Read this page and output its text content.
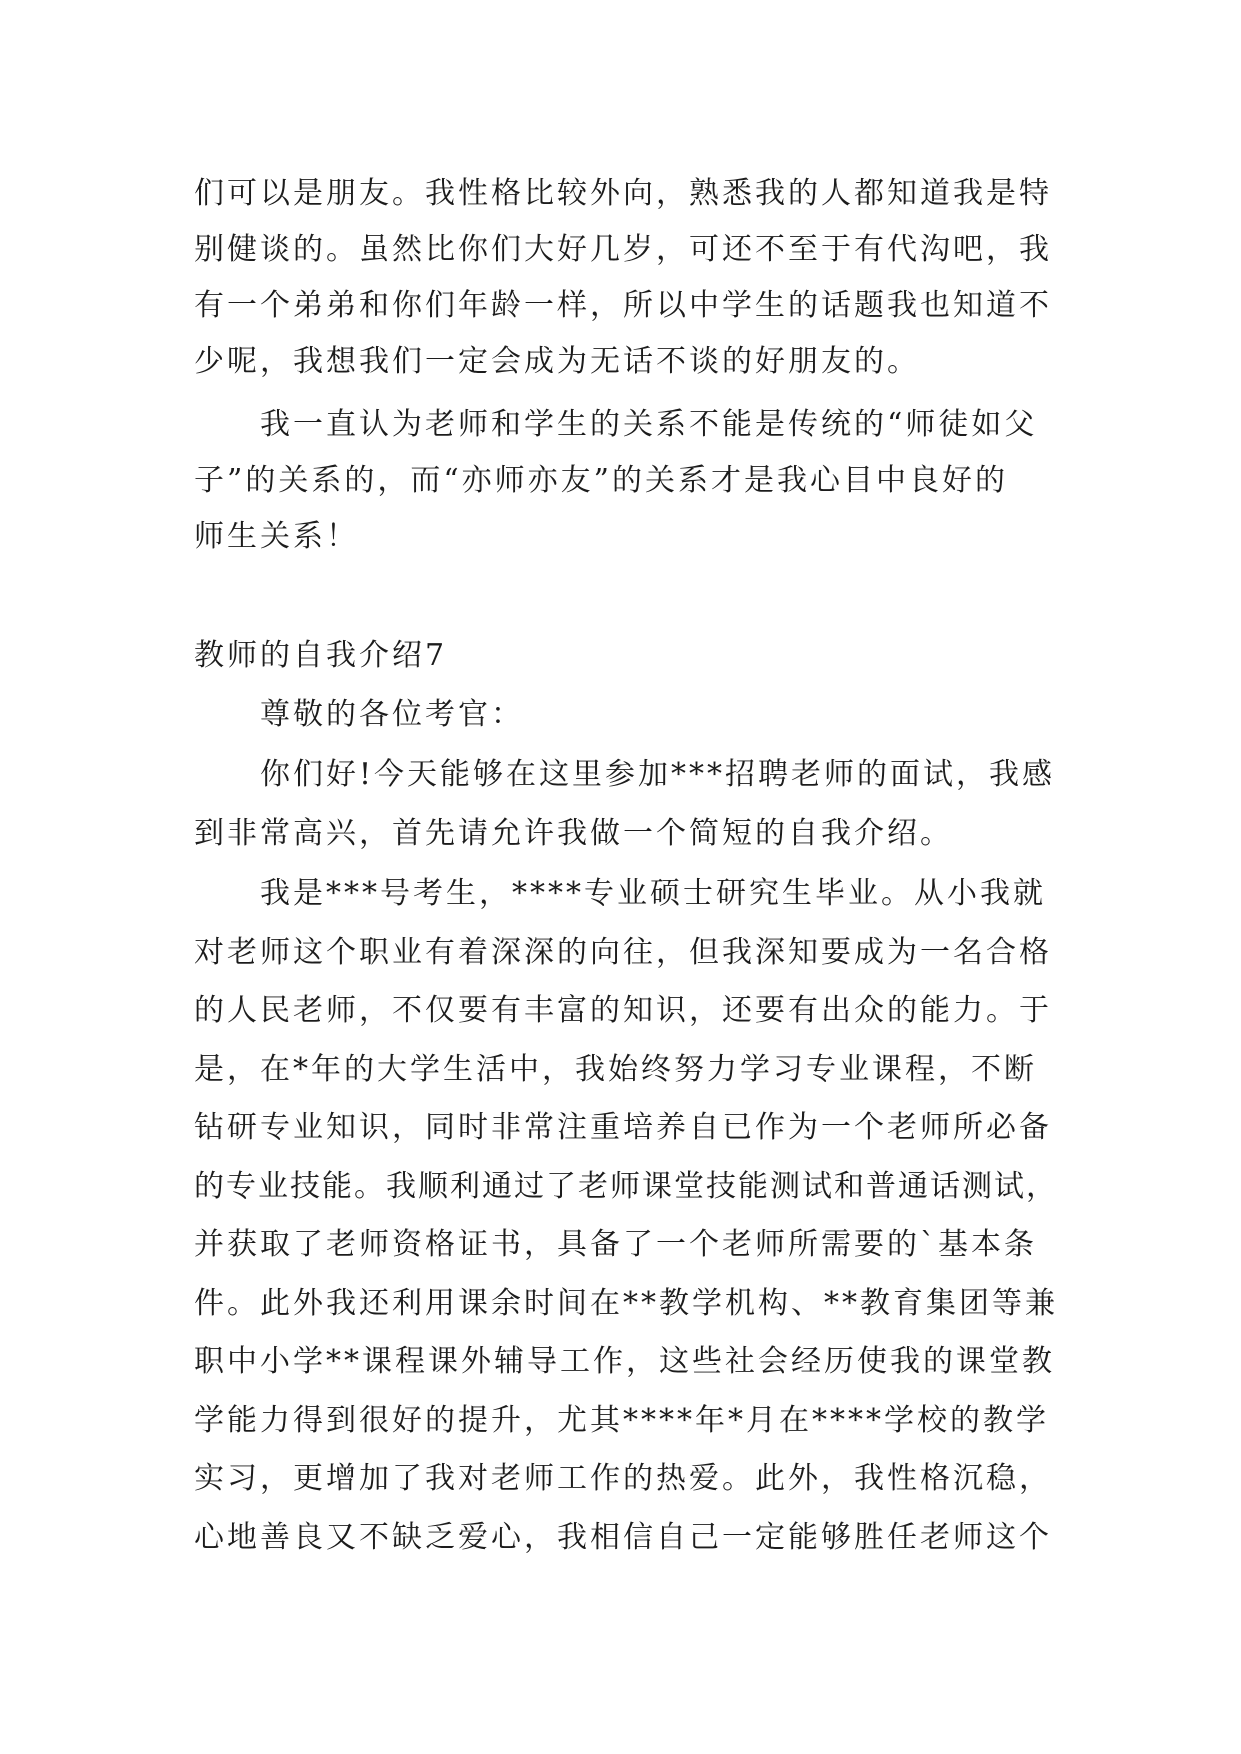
们可以是朋友。我性格比较外向，熟悉我的人都知道我是特
别健谈的。虽然比你们大好几岁，可还不至于有代沟吧，我
有一个弟弟和你们年龄一样，所以中学生的话题我也知道不
少呢，我想我们一定会成为无话不谈的好朋友的。
我一直认为老师和学生的关系不能是传统的“师徒如父
子”的关系的，而“亦师亦友”的关系才是我心目中良好的
师生关系！
教师的自我介绍7
尊敬的各位考官：
你们好!今天能够在这里参加***招聘老师的面试，我感
到非常高兴，首先请允许我做一个简短的自我介绍。
我是***号考生，****专业硕士研究生毕业。从小我就
对老师这个职业有着深深的向往，但我深知要成为一名合格
的人民老师，不仅要有丰富的知识，还要有出众的能力。于
是，在*年的大学生活中，我始终努力学习专业课程，不断
钻研专业知识，同时非常注重培养自已作为一个老师所必备
的专业技能。我顺利通过了老师课堂技能测试和普通话测试，
并获取了老师资格证书，具备了一个老师所需要的`基本条
件。此外我还利用课余时间在**教学机构、**教育集团等兼
职中小学**课程课外辅导工作，这些社会经历使我的课堂教
学能力得到很好的提升，尤其****年*月在****学校的教学
实习，更增加了我对老师工作的热爱。此外，我性格沉稳，
心地善良又不缺乏爱心，我相信自己一定能够胜任老师这个
